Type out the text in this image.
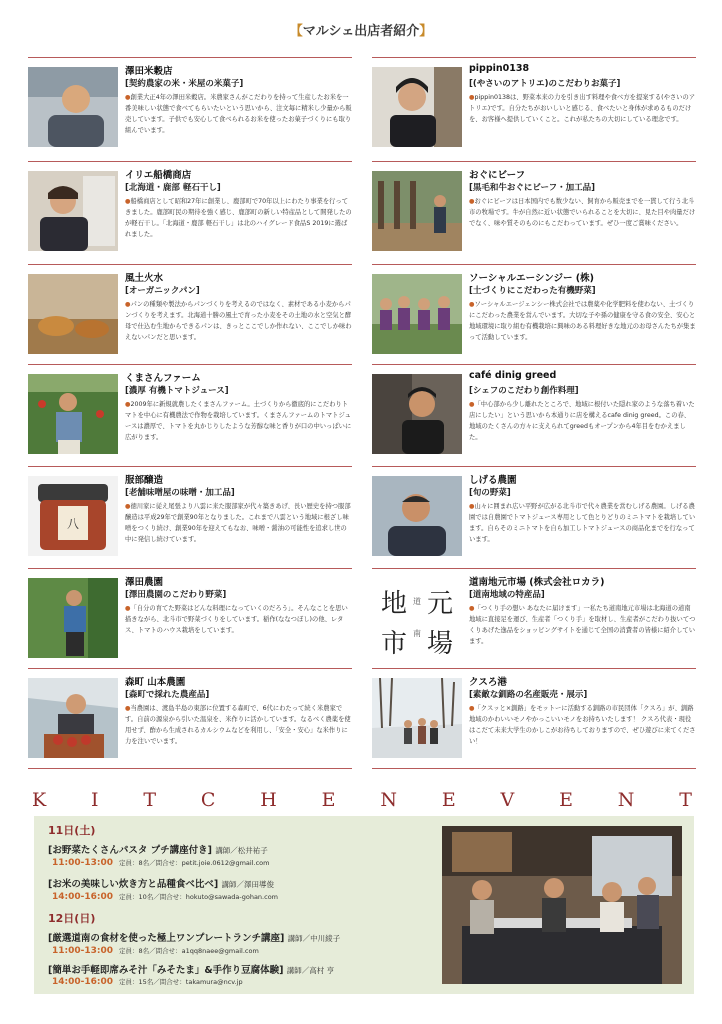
【マルシェ出店者紹介】
澤田米穀店
[契約農家の米・米屋の米菓子]
●創業大正4年の澤田米穀店。米農家さんがこだわりを持って生産したお米を一番美味しい状態で食べてもらいたいという思いから、注文毎に精米し少量から販売しています。子供でも安心して食べられるお米を使ったお菓子づくりにも取り組んでいます。
イリエ船橋商店
[北海道・鹿部 軽石干し]
●船橋商店として昭和27年に創業し、鹿部町で70年以上にわたり事業を行ってきました。鹿部町民の期待を強く感じ、鹿部町の新しい特産品として開発したのが軽石干し。「北海道・鹿部 軽石干し」は北のハイグレード食品S 2019に選ばれました。
風土火水
[オーガニックパン]
●パンの種類や製法からパンづくりを考えるのではなく、素材である小麦からパンづくりを考えます。北海道十勝の風土で育った小麦をその土地の水と空気と酵母で仕込む生地からできるパンは、きっとここでしか作れない、ここでしか味わえないパンだと思います。
くまさんファーム
[濃厚 有機トマトジュース]
●2009年に新規就農したくまさんファーム。土づくりから徹底的にこだわりトマトを中心に有機農法で作物を栽培しています。くまさんファームのトマトジュースは濃厚で、トマトを丸かじりしたような芳醇な味と香りが口の中いっぱいに広がります。
八
服部醸造
[老舗味噌屋の味噌・加工品]
●徳川家に従え尾張より八雲に来た服部家が代々築きあげ、長い歴史を持つ服部醸造は平成29年で創業90年となりました。これまで八雲という地域に根ざし味噌をつくり続け、創業90年を迎えてもなお、味噌・醤油の可能性を追求し世の中に発信し続けています。
澤田農園
[澤田農園のこだわり野菜]
●「自分の育てた野菜はどんな料理になっていくのだろう」。そんなことを思い描きながら、北斗市で野菜づくりをしています。稲作(ななつぼし)の他、レタス、トマトのハウス栽培をしています。
森町 山本農園
[森町で採れた農産品]
●当農園は、渡島半島の東部に位置する森町で、6代にわたって続く米農家です。自前の源泉から引いた温泉を、米作りに活かしています。なるべく農薬を使用せず、酢から生成されるカルシウムなどを利用し、「安全・安心」な米作りに力を注いでいます。
pippin0138
[(やさいのアトリエ)のこだわりお菓子]
●pippin0138は、野菜本来の力を引き出す料理や食べ方を提案する(やさいのアトリエ)です。自分たちがおいしいと感じる、食べたいと身体が求めるものだけを、お客様へ提供していくこと。これが私たちの大切にしている理念です。
おぐにビーフ
[黒毛和牛おぐにビーフ・加工品]
●おぐにビーフは日本国内でも数少ない、飼育から販売までを一貫して行う北斗市の牧場です。牛が自然に近い状態でいられることを大切に、見た目や肉量だけでなく、味や質そのものにもこだわっています。ぜひ一度ご賞味ください。
ソーシャルエーシンジー (株)
[土づくりにこだわった有機野菜]
●ソーシャルエージェンシー株式会社では農薬や化学肥料を使わない、土づくりにこだわった農業を営んでいます。大切な子や孫の健康を守る食の安全、安心と地域環境に取り組む有機栽培に興味のある料理好きな地元のお母さんたちが集まって活動しています。
café dinig greed
[シェフのこだわり創作料理]
●「中心部から少し離れたところで、地域に根付いた隠れ家のような落ち着いた店にしたい」という思いから本通りに店を構えるcafe dinig greed。この春、地域のたくさんの方々に支えられてgreedもオープンから4年目をむかえました。
しげる農園
[旬の野菜]
●山々に囲まれ広い平野が広がる北斗市で代々農業を営むしげる農園。しげる農園では自農園でトマトジュース専用として色とりどりのミニトマトを栽培しています。自らそのミニトマトを自ら加工しトマトジュースの商品化までを行なっています。
地 元
市 場
道
南
道南地元市場 (株式会社ロカラ)
[道南地域の特産品]
●「つくり手の想い あなたに届けます」一私たち道南地元市場は北海道の道南地域に直接足を運び、生産者「つくり手」を取材し、生産者がこだわり抜いてつくりあげた逸品をショッピングサイトを通じて全国の消費者の皆様に紹介しています。
クスろ港
[素敵な釧路の名産販売・展示]
●「クスッと×釧路」をモットーに活動する釧路の市民団体「クスろ」が、釧路地域のかわいいモノやかっこいいモノをお持ちいたします！ クスろ代表・現役はこだて未来大学生のかしこがお待ちしておりますので、ぜひ遊びに来てください！
K I T C H E N E V E N T
11日(土)
[お野菜たくさんパスタ プチ講座付き] 講師／松井祐子
11:00-13:00 定員：8名／問合せ：petit.joie.0612@gmail.com
[お米の美味しい炊き方と品種食べ比べ] 講師／澤田導俊
14:00-16:00 定員：10名／問合せ：hokuto@sawada-gohan.com
12日(日)
[厳選道南の食材を使った極上ワンプレートランチ講座] 講師／中川綾子
11:00-13:00 定員：8名／問合せ：a1qq8naee@gmail.com
[簡単お手軽即席みそ汁「みそたま」&手作り豆腐体験] 講師／高村 亨
14:00-16:00 定員：15名／問合せ：takamura@ncv.jp
